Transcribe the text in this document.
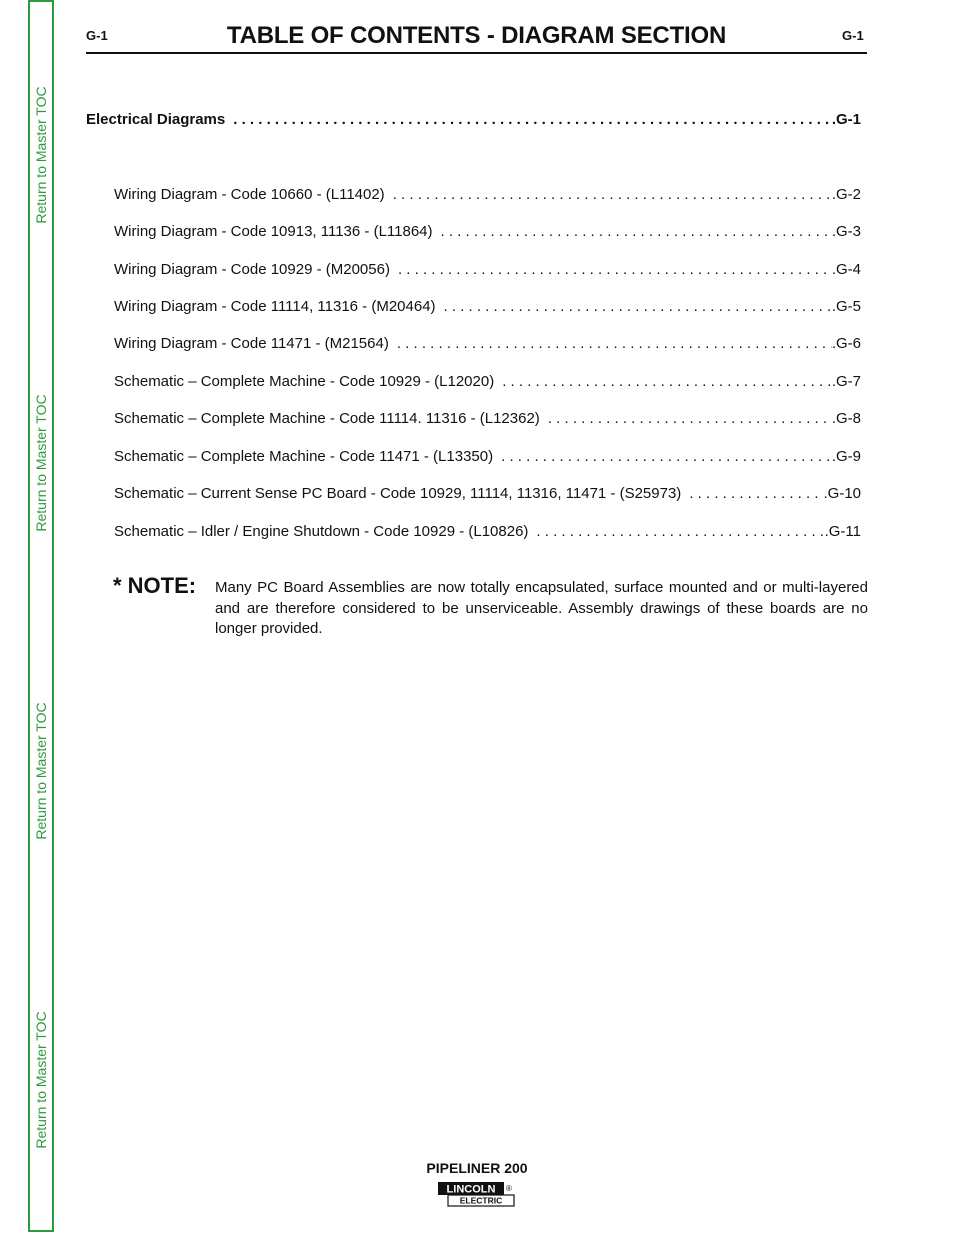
Return to Master TOC
Return to Master TOC
Return to Master TOC
Return to Master TOC
G-1	G-1
TABLE OF CONTENTS - DIAGRAM SECTION
Electrical Diagrams . . .	.G-1
Wiring Diagram - Code 10660 - (L11402) . . .	.G-2
Wiring Diagram - Code 10913, 11136 - (L11864) . . .	.G-3
Wiring Diagram - Code 10929 - (M20056) . . .	.G-4
Wiring Diagram - Code 11114, 11316 - (M20464) . . .	.G-5
Wiring Diagram - Code 11471 - (M21564) . . .	.G-6
Schematic – Complete Machine - Code 10929 - (L12020) . . .	.G-7
Schematic – Complete Machine - Code 11114. 11316 - (L12362) . . .	.G-8
Schematic – Complete Machine - Code 11471 - (L13350) . . .	.G-9
Schematic – Current Sense PC Board - Code 10929, 11114, 11316, 11471 - (S25973) . . .	.G-10
Schematic – Idler / Engine Shutdown - Code 10929 - (L10826) . . .	.G-11
* NOTE: Many PC Board Assemblies are now totally encapsulated, surface mounted and or multi-layered and are therefore considered to be unserviceable. Assembly drawings of these boards are no longer provided.
PIPELINER 200
LINCOLN ®
ELECTRIC
